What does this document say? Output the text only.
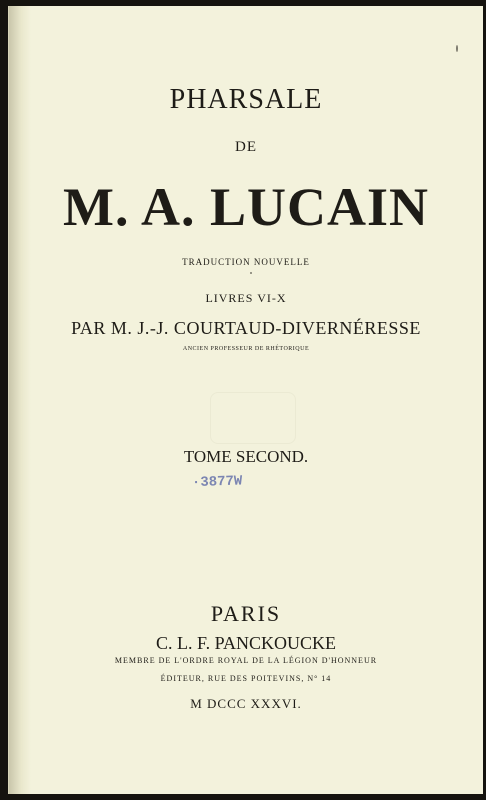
PHARSALE
DE
M. A. LUCAIN
TRADUCTION NOUVELLE
LIVRES VI-X
PAR M. J.-J. COURTAUD-DIVERNÉRESSE
ANCIEN PROFESSEUR DE RHÉTORIQUE
TOME SECOND.
·3877W
PARIS
C. L. F. PANCKOUCKE
MEMBRE DE L'ORDRE ROYAL DE LA LÉGION D'HONNEUR
ÉDITEUR, RUE DES POITEVINS, N° 14
M DCCC XXXVI.
